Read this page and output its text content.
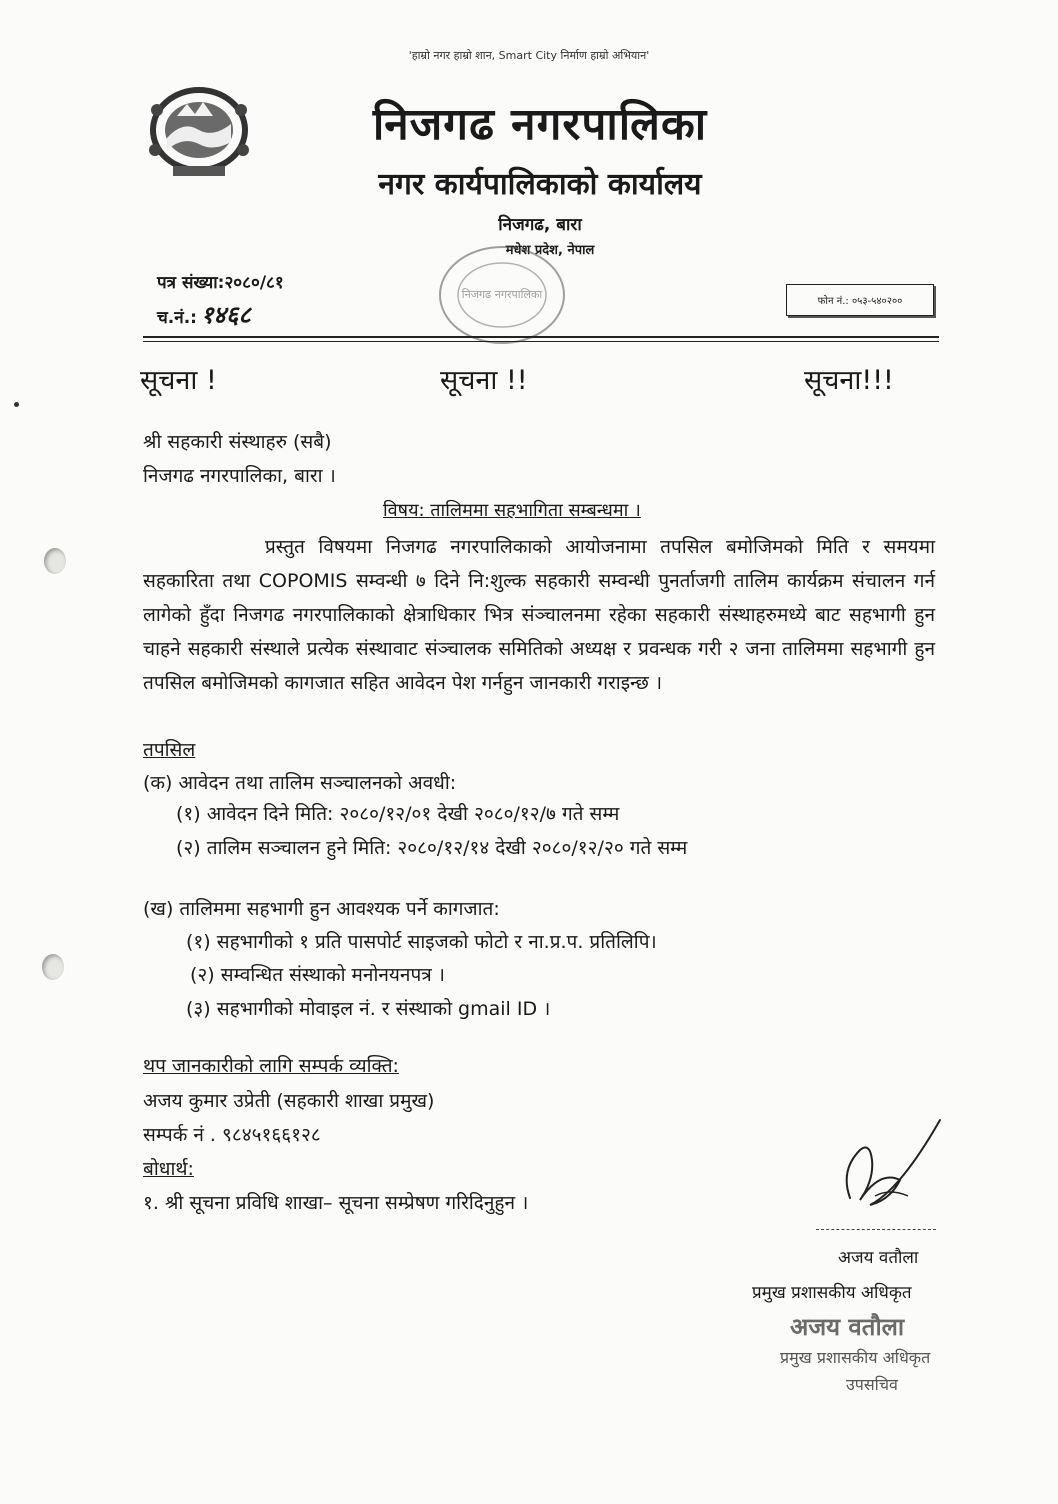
'हाम्रो नगर हाम्रो शान, Smart City निर्माण हाम्रो अभियान'
निजगढ नगरपालिका
नगर कार्यपालिकाको कार्यालय
निजगढ, बारा
मधेश प्रदेश, नेपाल
निजगढ नगरपालिका
पत्र संख्या:२०८०/८१
च.नं.: १४६८	फोन नं.: ०५३-५४०२००
सूचना !	सूचना !!	सूचना!!!
श्री सहकारी संस्थाहरु (सबै)
निजगढ नगरपालिका, बारा ।
विषय: तालिममा सहभागिता सम्बन्धमा ।
प्रस्तुत विषयमा निजगढ नगरपालिकाको आयोजनामा तपसिल बमोजिमको मिति र समयमा सहकारिता तथा COPOMIS सम्वन्धी ७ दिने नि:शुल्क सहकारी सम्वन्धी पुनर्ताजगी तालिम कार्यक्रम संचालन गर्न लागेको हुँदा निजगढ नगरपालिकाको क्षेत्राधिकार भित्र संञ्चालनमा रहेका सहकारी संस्थाहरुमध्ये बाट सहभागी हुन चाहने सहकारी संस्थाले प्रत्येक संस्थावाट संञ्चालक समितिको अध्यक्ष र प्रवन्धक गरी २ जना तालिममा सहभागी हुन तपसिल बमोजिमको कागजात सहित आवेदन पेश गर्नहुन जानकारी गराइन्छ ।
तपसिल
(क) आवेदन तथा तालिम सञ्चालनको अवधी:
(१) आवेदन दिने मिति: २०८०/१२/०१ देखी २०८०/१२/७ गते सम्म
(२) तालिम सञ्चालन हुने मिति: २०८०/१२/१४ देखी २०८०/१२/२० गते सम्म
(ख) तालिममा सहभागी हुन आवश्यक पर्ने कागजात:
(१) सहभागीको १ प्रति पासपोर्ट साइजको फोटो र ना.प्र.प. प्रतिलिपि।
(२) सम्वन्धित संस्थाको मनोनयनपत्र ।
(३) सहभागीको मोवाइल नं. र संस्थाको gmail ID ।
थप जानकारीको लागि सम्पर्क व्यक्ति:
अजय कुमार उप्रेती (सहकारी शाखा प्रमुख)
सम्पर्क नं . ९८४५१६६१२८
बोधार्थ:
१. श्री सूचना प्रविधि शाखा– सूचना सम्प्रेषण गरिदिनुहुन ।
अजय वतौला
प्रमुख प्रशासकीय अधिकृत
अजय वतौला
प्रमुख प्रशासकीय अधिकृत
उपसचिव
